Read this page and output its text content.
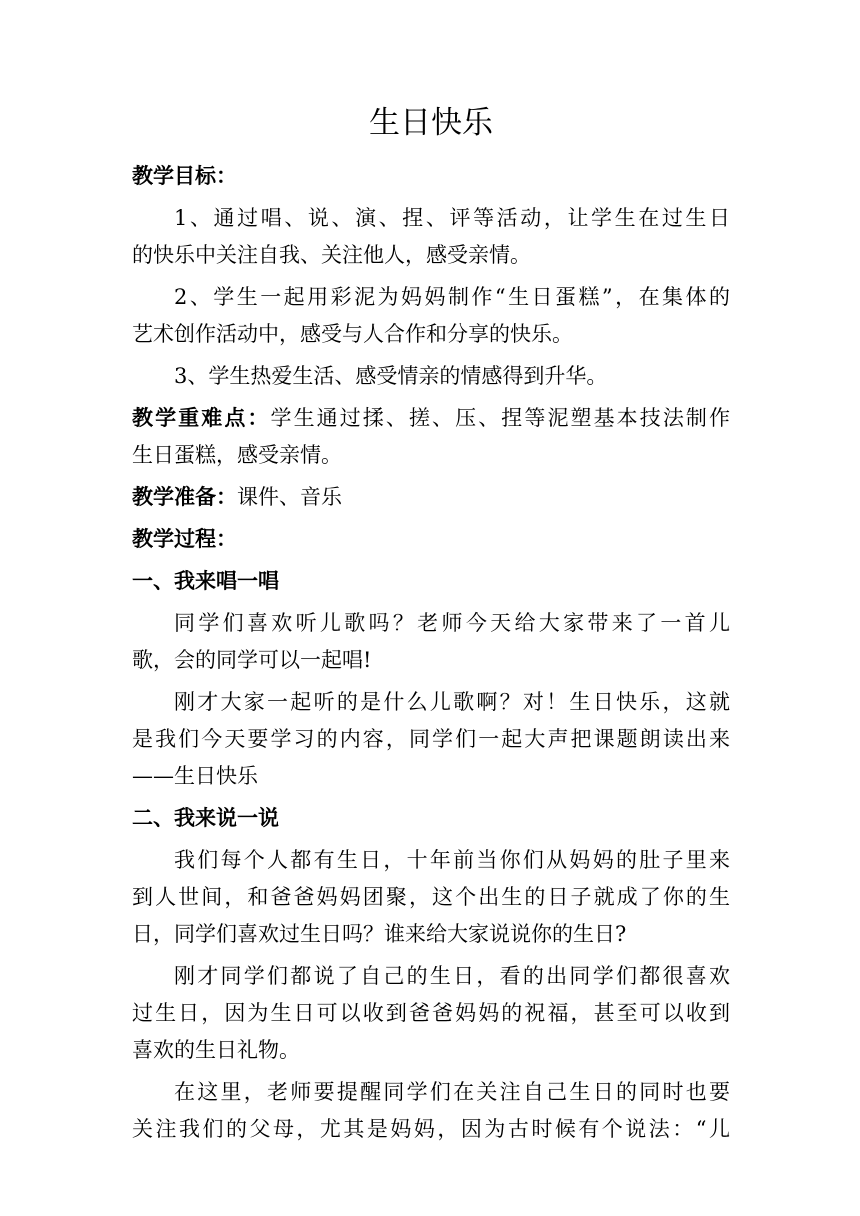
生日快乐

教学目标：

1、通过唱、说、演、捏、评等活动，让学生在过生日

的快乐中关注自我、关注他人，感受亲情。

2、学生一起用彩泥为妈妈制作“生日蛋糕”，在集体的

艺术创作活动中，感受与人合作和分享的快乐。

3、学生热爱生活、感受情亲的情感得到升华。

教学重难点：学生通过揉、搓、压、捏等泥塑基本技法制作

生日蛋糕，感受亲情。

教学准备：课件、音乐

教学过程：

一、我来唱一唱

同学们喜欢听儿歌吗？老师今天给大家带来了一首儿

歌，会的同学可以一起唱!

刚才大家一起听的是什么儿歌啊？对！生日快乐，这就

是我们今天要学习的内容，同学们一起大声把课题朗读出来

——生日快乐

二、我来说一说

我们每个人都有生日，十年前当你们从妈妈的肚子里来

到人世间，和爸爸妈妈团聚，这个出生的日子就成了你的生

日，同学们喜欢过生日吗？谁来给大家说说你的生日?

刚才同学们都说了自己的生日，看的出同学们都很喜欢

过生日，因为生日可以收到爸爸妈妈的祝福，甚至可以收到

喜欢的生日礼物。

在这里，老师要提醒同学们在关注自己生日的同时也要

关注我们的父母，尤其是妈妈，因为古时候有个说法：“儿
